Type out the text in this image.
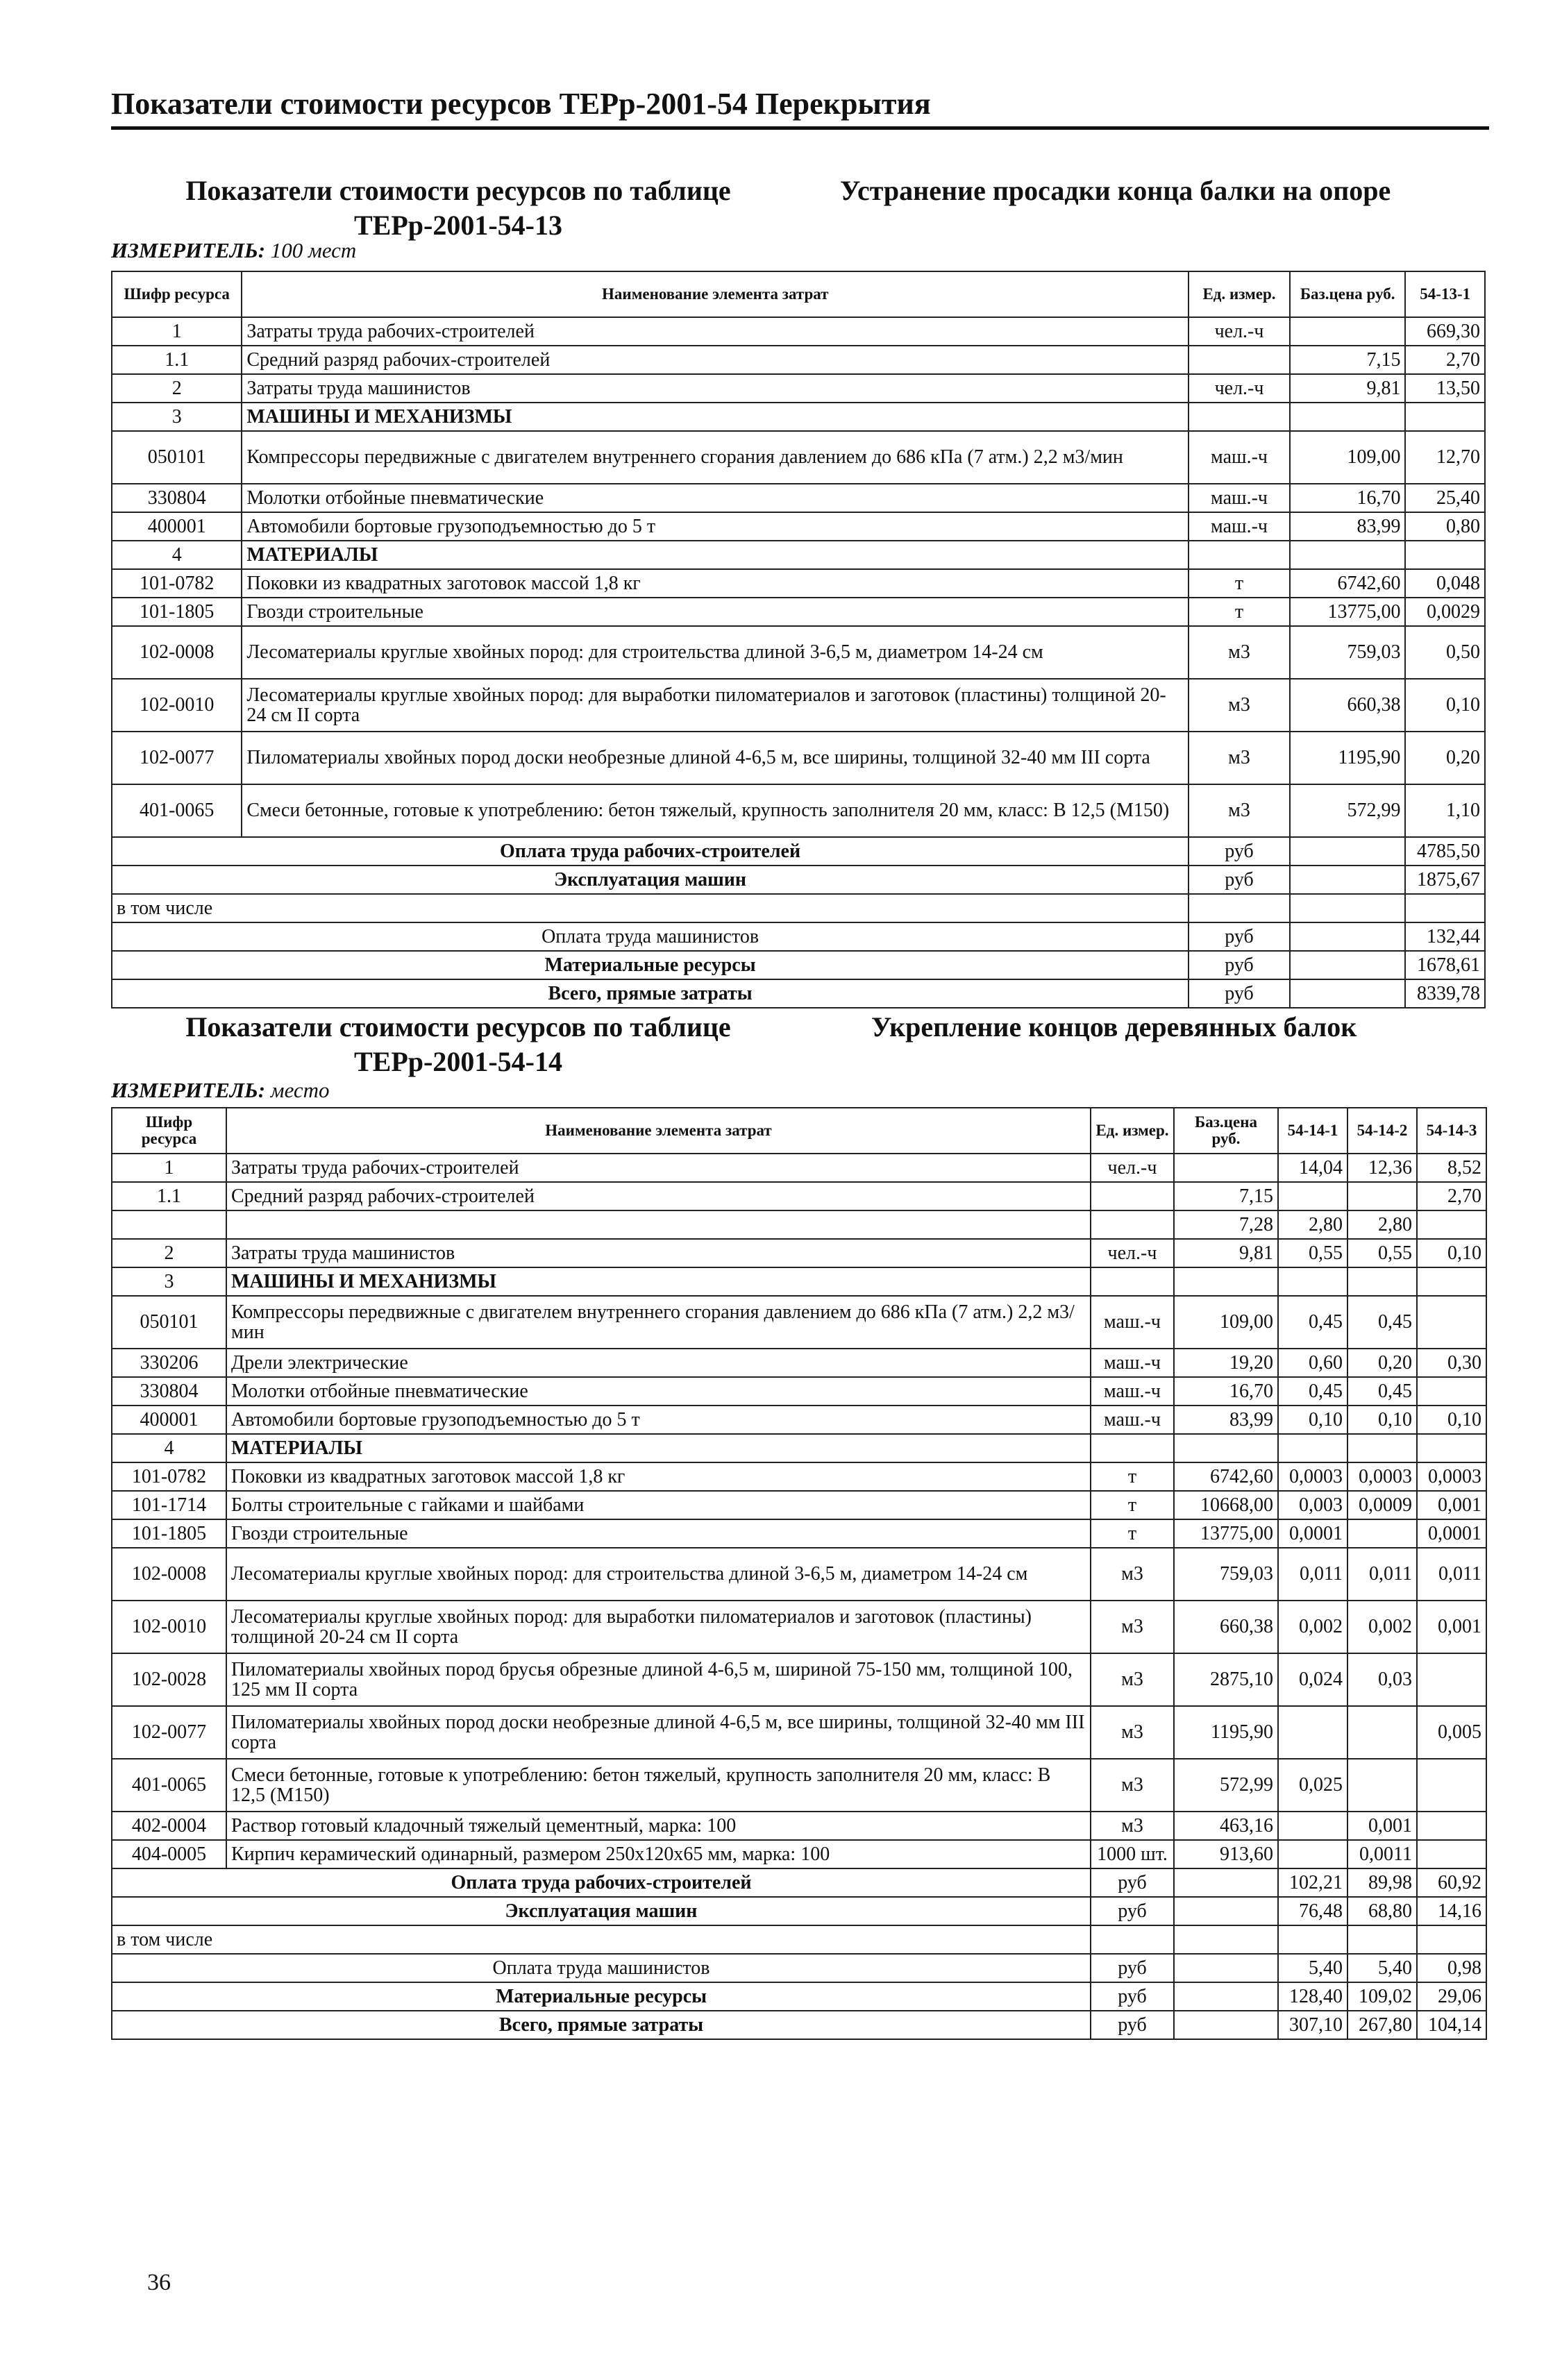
Показатели стоимости ресурсов ТЕРр-2001-54 Перекрытия
Показатели стоимости ресурсов по таблице ТЕРр-2001-54-13
Устранение просадки конца балки на опоре
ИЗМЕРИТЕЛЬ: 100 мест
Шифр ресурса	Наименование элемента затрат	Ед. измер.	Баз.цена руб.	54-13-1
1	Затраты труда рабочих-строителей	чел.-ч		669,30
1.1	Средний разряд рабочих-строителей		7,15	2,70
2	Затраты труда машинистов	чел.-ч	9,81	13,50
3	МАШИНЫ И МЕХАНИЗМЫ			
050101	Компрессоры передвижные с двигателем внутреннего сгорания давлением до 686 кПа (7 атм.) 2,2 м3/мин	маш.-ч	109,00	12,70
330804	Молотки отбойные пневматические	маш.-ч	16,70	25,40
400001	Автомобили бортовые грузоподъемностью до 5 т	маш.-ч	83,99	0,80
4	МАТЕРИАЛЫ			
101-0782	Поковки из квадратных заготовок массой 1,8 кг	т	6742,60	0,048
101-1805	Гвозди строительные	т	13775,00	0,0029
102-0008	Лесоматериалы круглые хвойных пород: для строительства длиной 3-6,5 м, диаметром 14-24 см	м3	759,03	0,50
102-0010	Лесоматериалы круглые хвойных пород: для выработки пиломатериалов и заготовок (пластины) толщиной 20-24 см II сорта	м3	660,38	0,10
102-0077	Пиломатериалы хвойных пород доски необрезные длиной 4-6,5 м, все ширины, толщиной 32-40 мм III сорта	м3	1195,90	0,20
401-0065	Смеси бетонные, готовые к употреблению: бетон тяжелый, крупность заполнителя 20 мм, класс: В 12,5 (М150)	м3	572,99	1,10
Оплата труда рабочих-строителей		руб		4785,50
Эксплуатация машин		руб		1875,67
в том числе				
Оплата труда машинистов		руб		132,44
Материальные ресурсы		руб		1678,61
Всего, прямые затраты		руб		8339,78
Показатели стоимости ресурсов по таблице ТЕРр-2001-54-14
Укрепление концов деревянных балок
ИЗМЕРИТЕЛЬ: место
Шифр ресурса	Наименование элемента затрат	Ед. измер.	Баз.цена руб.	54-14-1	54-14-2	54-14-3
1	Затраты труда рабочих-строителей	чел.-ч		14,04	12,36	8,52
1.1	Средний разряд рабочих-строителей		7,15			2,70
			7,28	2,80	2,80	
2	Затраты труда машинистов	чел.-ч	9,81	0,55	0,55	0,10
3	МАШИНЫ И МЕХАНИЗМЫ					
050101	Компрессоры передвижные с двигателем внутреннего сгорания давлением до 686 кПа (7 атм.) 2,2 м3/мин	маш.-ч	109,00	0,45	0,45	
330206	Дрели электрические	маш.-ч	19,20	0,60	0,20	0,30
330804	Молотки отбойные пневматические	маш.-ч	16,70	0,45	0,45	
400001	Автомобили бортовые грузоподъемностью до 5 т	маш.-ч	83,99	0,10	0,10	0,10
4	МАТЕРИАЛЫ					
101-0782	Поковки из квадратных заготовок массой 1,8 кг	т	6742,60	0,0003	0,0003	0,0003
101-1714	Болты строительные с гайками и шайбами	т	10668,00	0,003	0,0009	0,001
101-1805	Гвозди строительные	т	13775,00	0,0001		0,0001
102-0008	Лесоматериалы круглые хвойных пород: для строительства длиной 3-6,5 м, диаметром 14-24 см	м3	759,03	0,011	0,011	0,011
102-0010	Лесоматериалы круглые хвойных пород: для выработки пиломатериалов и заготовок (пластины) толщиной 20-24 см II сорта	м3	660,38	0,002	0,002	0,001
102-0028	Пиломатериалы хвойных пород брусья обрезные длиной 4-6,5 м, шириной 75-150 мм, толщиной 100, 125 мм II сорта	м3	2875,10	0,024	0,03	
102-0077	Пиломатериалы хвойных пород доски необрезные длиной 4-6,5 м, все ширины, толщиной 32-40 мм III сорта	м3	1195,90			0,005
401-0065	Смеси бетонные, готовые к употреблению: бетон тяжелый, крупность заполнителя 20 мм, класс: В 12,5 (М150)	м3	572,99	0,025		
402-0004	Раствор готовый кладочный тяжелый цементный, марка: 100	м3	463,16		0,001	
404-0005	Кирпич керамический одинарный, размером 250х120х65 мм, марка: 100	1000 шт.	913,60		0,0011	
Оплата труда рабочих-строителей		руб		102,21	89,98	60,92
Эксплуатация машин		руб		76,48	68,80	14,16
в том числе						
Оплата труда машинистов		руб		5,40	5,40	0,98
Материальные ресурсы		руб		128,40	109,02	29,06
Всего, прямые затраты		руб		307,10	267,80	104,14
36
